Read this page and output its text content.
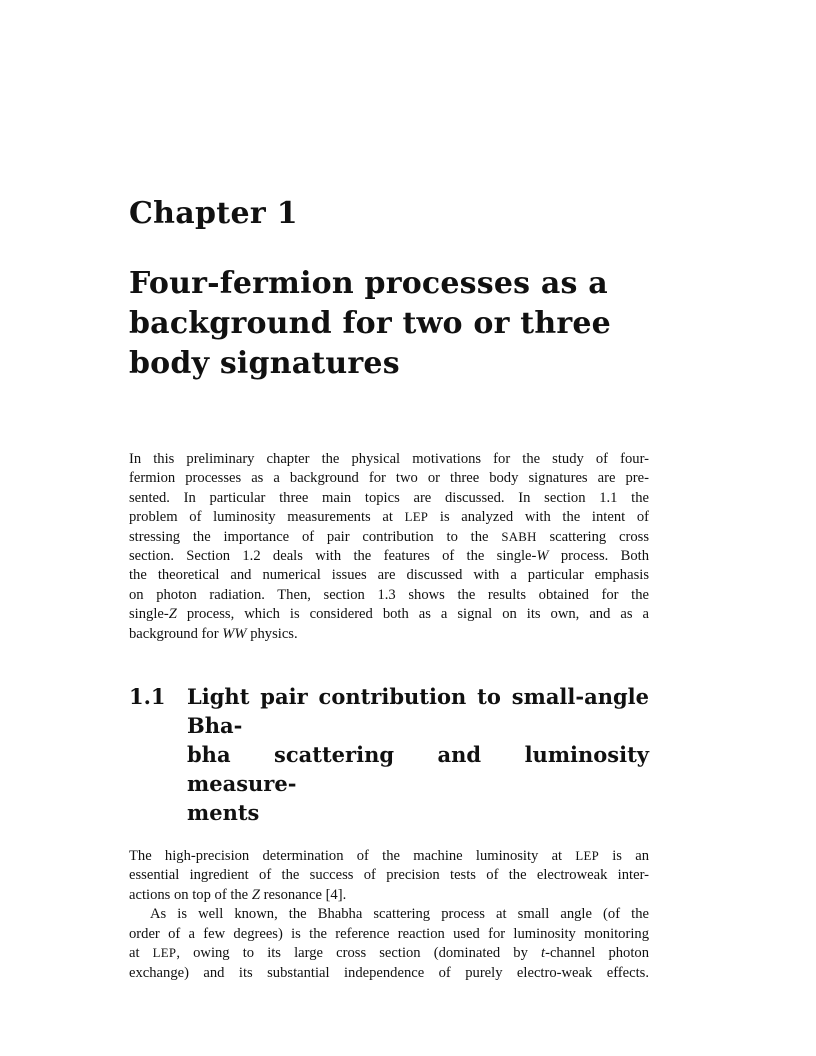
Chapter 1
Four-fermion processes as a
background for two or three
body signatures
In this preliminary chapter the physical motivations for the study of four-
fermion processes as a background for two or three body signatures are pre-
sented. In particular three main topics are discussed. In section 1.1 the
problem of luminosity measurements at LEP is analyzed with the intent of
stressing the importance of pair contribution to the SABH scattering cross
section. Section 1.2 deals with the features of the single-W process. Both
the theoretical and numerical issues are discussed with a particular emphasis
on photon radiation. Then, section 1.3 shows the results obtained for the
single-Z process, which is considered both as a signal on its own, and as a
background for WW physics.
1.1 Light pair contribution to small-angle Bha-
bha scattering and luminosity measure-
ments
The high-precision determination of the machine luminosity at LEP is an
essential ingredient of the success of precision tests of the electroweak inter-
actions on top of the Z resonance [4].
As is well known, the Bhabha scattering process at small angle (of the
order of a few degrees) is the reference reaction used for luminosity monitoring
at LEP, owing to its large cross section (dominated by t-channel photon
exchange) and its substantial independence of purely electro-weak effects.
